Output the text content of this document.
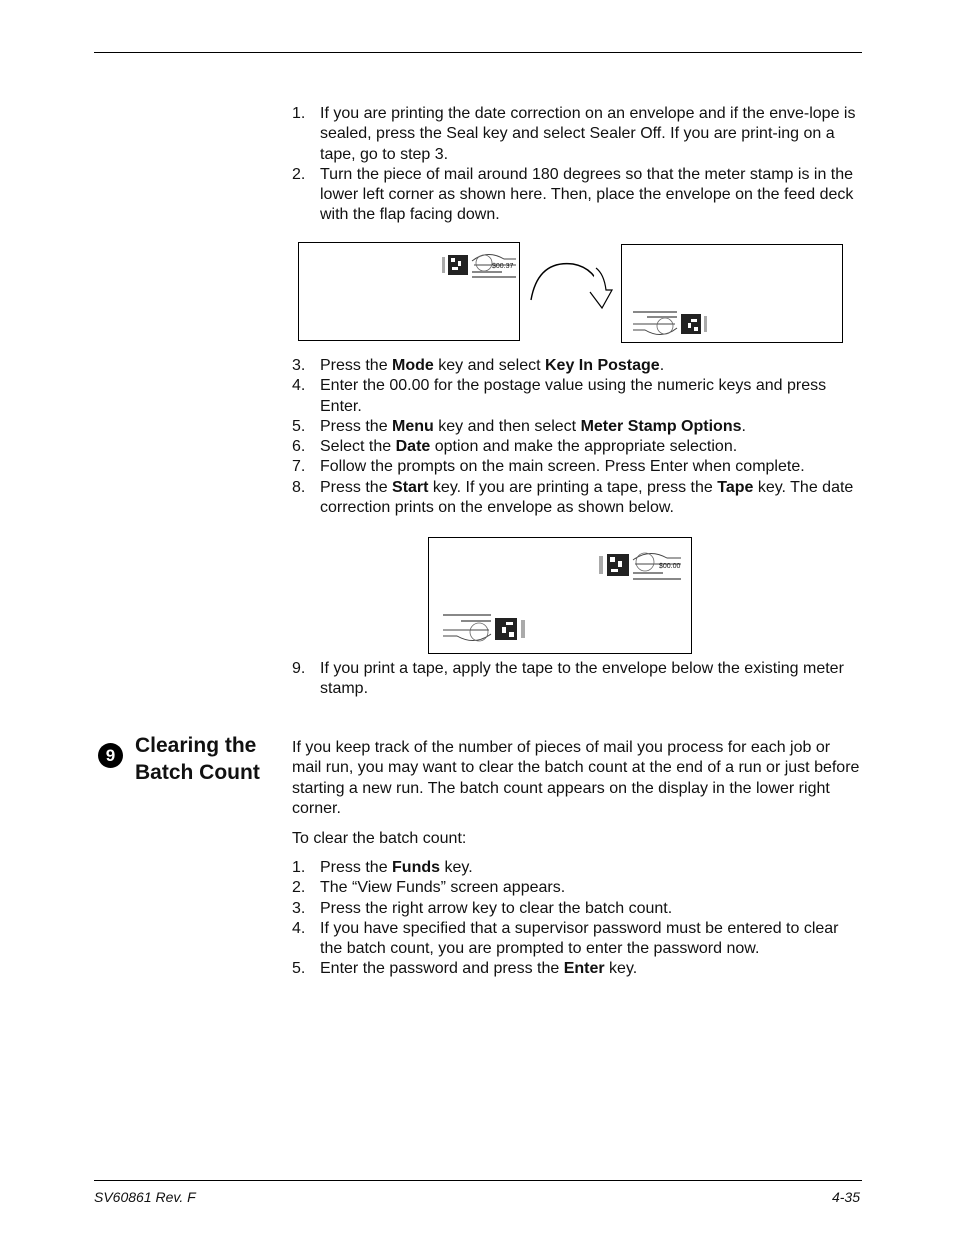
1. If you are printing the date correction on an envelope and if the enve-lope is sealed, press the Seal key and select Sealer Off. If you are print-ing on a tape, go to step 3.
2. Turn the piece of mail around 180 degrees so that the meter stamp is in the lower left corner as shown here. Then, place the envelope on the feed deck with the flap facing down.
$00.37
3. Press the Mode key and select Key In Postage.
4. Enter the 00.00 for the postage value using the numeric keys and press Enter.
5. Press the Menu key and then select Meter Stamp Options.
6. Select the Date option and make the appropriate selection.
7. Follow the prompts on the main screen. Press Enter when complete.
8. Press the Start key. If you are printing a tape, press the Tape key. The date correction prints on the envelope as shown below.
$00.00
9. If you print a tape, apply the tape to the envelope below the existing meter stamp.
9 Clearing the Batch Count

If you keep track of the number of pieces of mail you process for each job or mail run, you may want to clear the batch count at the end of a run or just before starting a new run. The batch count appears on the display in the lower right corner.

To clear the batch count:

1. Press the Funds key.
2. The “View Funds” screen appears.
3. Press the right arrow key to clear the batch count.
4. If you have specified that a supervisor password must be entered to clear the batch count, you are prompted to enter the password now.
5. Enter the password and press the Enter key.
SV60861 Rev. F	4-35
